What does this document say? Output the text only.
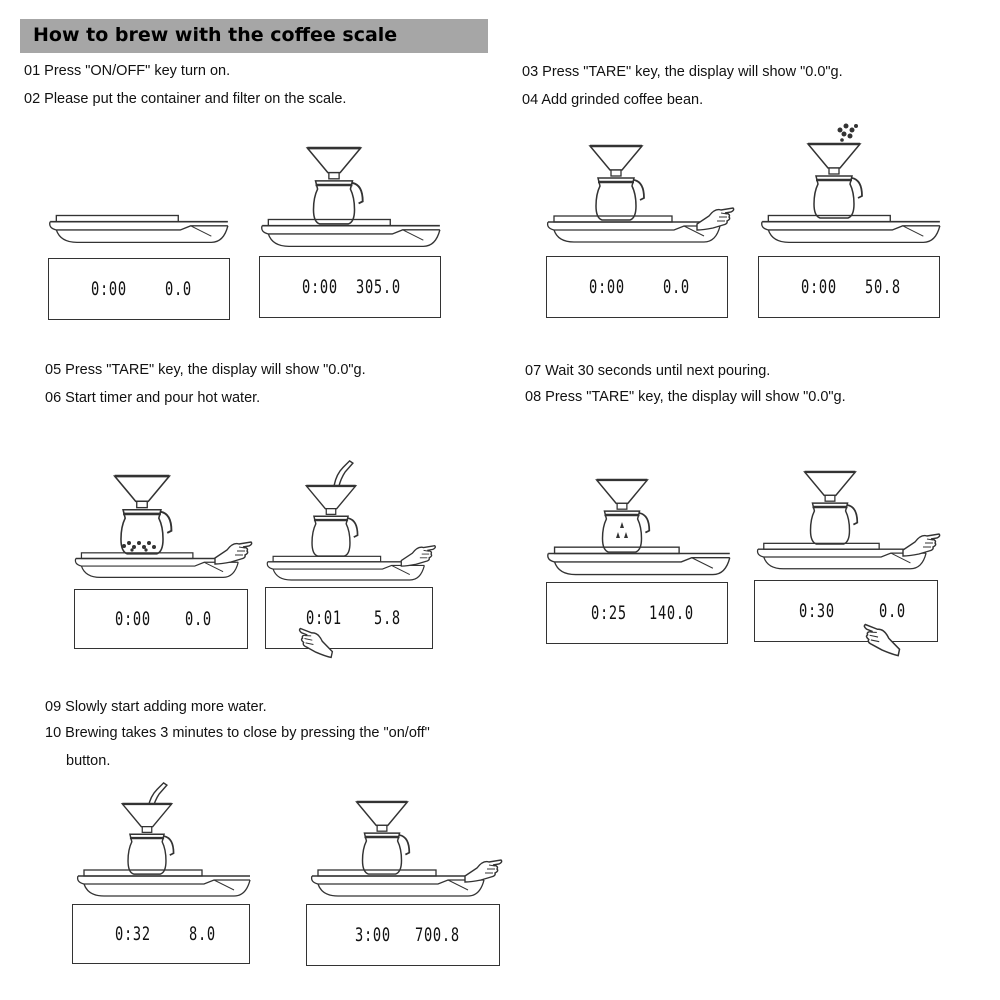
How to brew with the coffee scale
01 Press "ON/OFF" key turn on.
02 Please put the container and filter on the scale.
03 Press "TARE" key, the display will show "0.0"g.
04 Add grinded coffee bean.
05 Press "TARE" key, the display will show "0.0"g.
06 Start timer and pour hot water.
07 Wait 30 seconds until next pouring.
08 Press "TARE" key, the display will show "0.0"g.
09 Slowly start adding more water.
10 Brewing takes 3 minutes to close by pressing the "on/off"
button.
0:00 0.0	0:00 305.0	0:00 0.0	0:00 50.8
0:00 0.0	0:01 5.8	0:25 140.0	0:30 0.0
0:32 8.0	3:00 700.8
